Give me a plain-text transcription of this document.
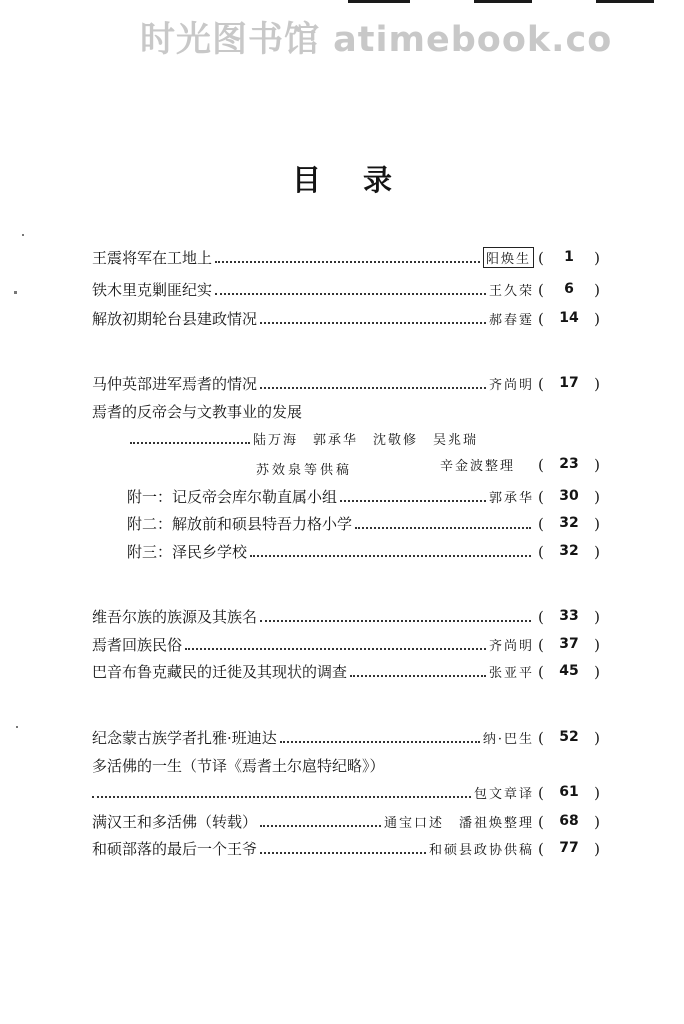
时光图书馆 atimebook.co
目录
王震将军在工地上	阳焕生 ( 1 )
铁木里克剿匪纪实	王久荣 ( 6 )
解放初期轮台县建政情况	郝春霆 ( 14 )
马仲英部进军焉耆的情况	齐尚明 ( 17 )
焉耆的反帝会与文教事业的发展
陆万海　郭承华　沈敬修　吴兆瑞
苏效泉等供稿	辛金波整理 ( 23 )
附一：记反帝会库尔勒直属小组	郭承华 ( 30 )
附二：解放前和硕县特吾力格小学	( 32 )
附三：泽民乡学校	( 32 )
维吾尔族的族源及其族名	( 33 )
焉耆回族民俗	齐尚明 ( 37 )
巴音布鲁克藏民的迁徙及其现状的调查	张亚平 ( 45 )
纪念蒙古族学者扎雅·班迪达	纳·巴生 ( 52 )
多活佛的一生（节译《焉耆土尔扈特纪略》）
包文章译 ( 61 )
满汉王和多活佛（转载）	通宝口述　潘祖焕整理 ( 68 )
和硕部落的最后一个王爷	和硕县政协供稿 ( 77 )
